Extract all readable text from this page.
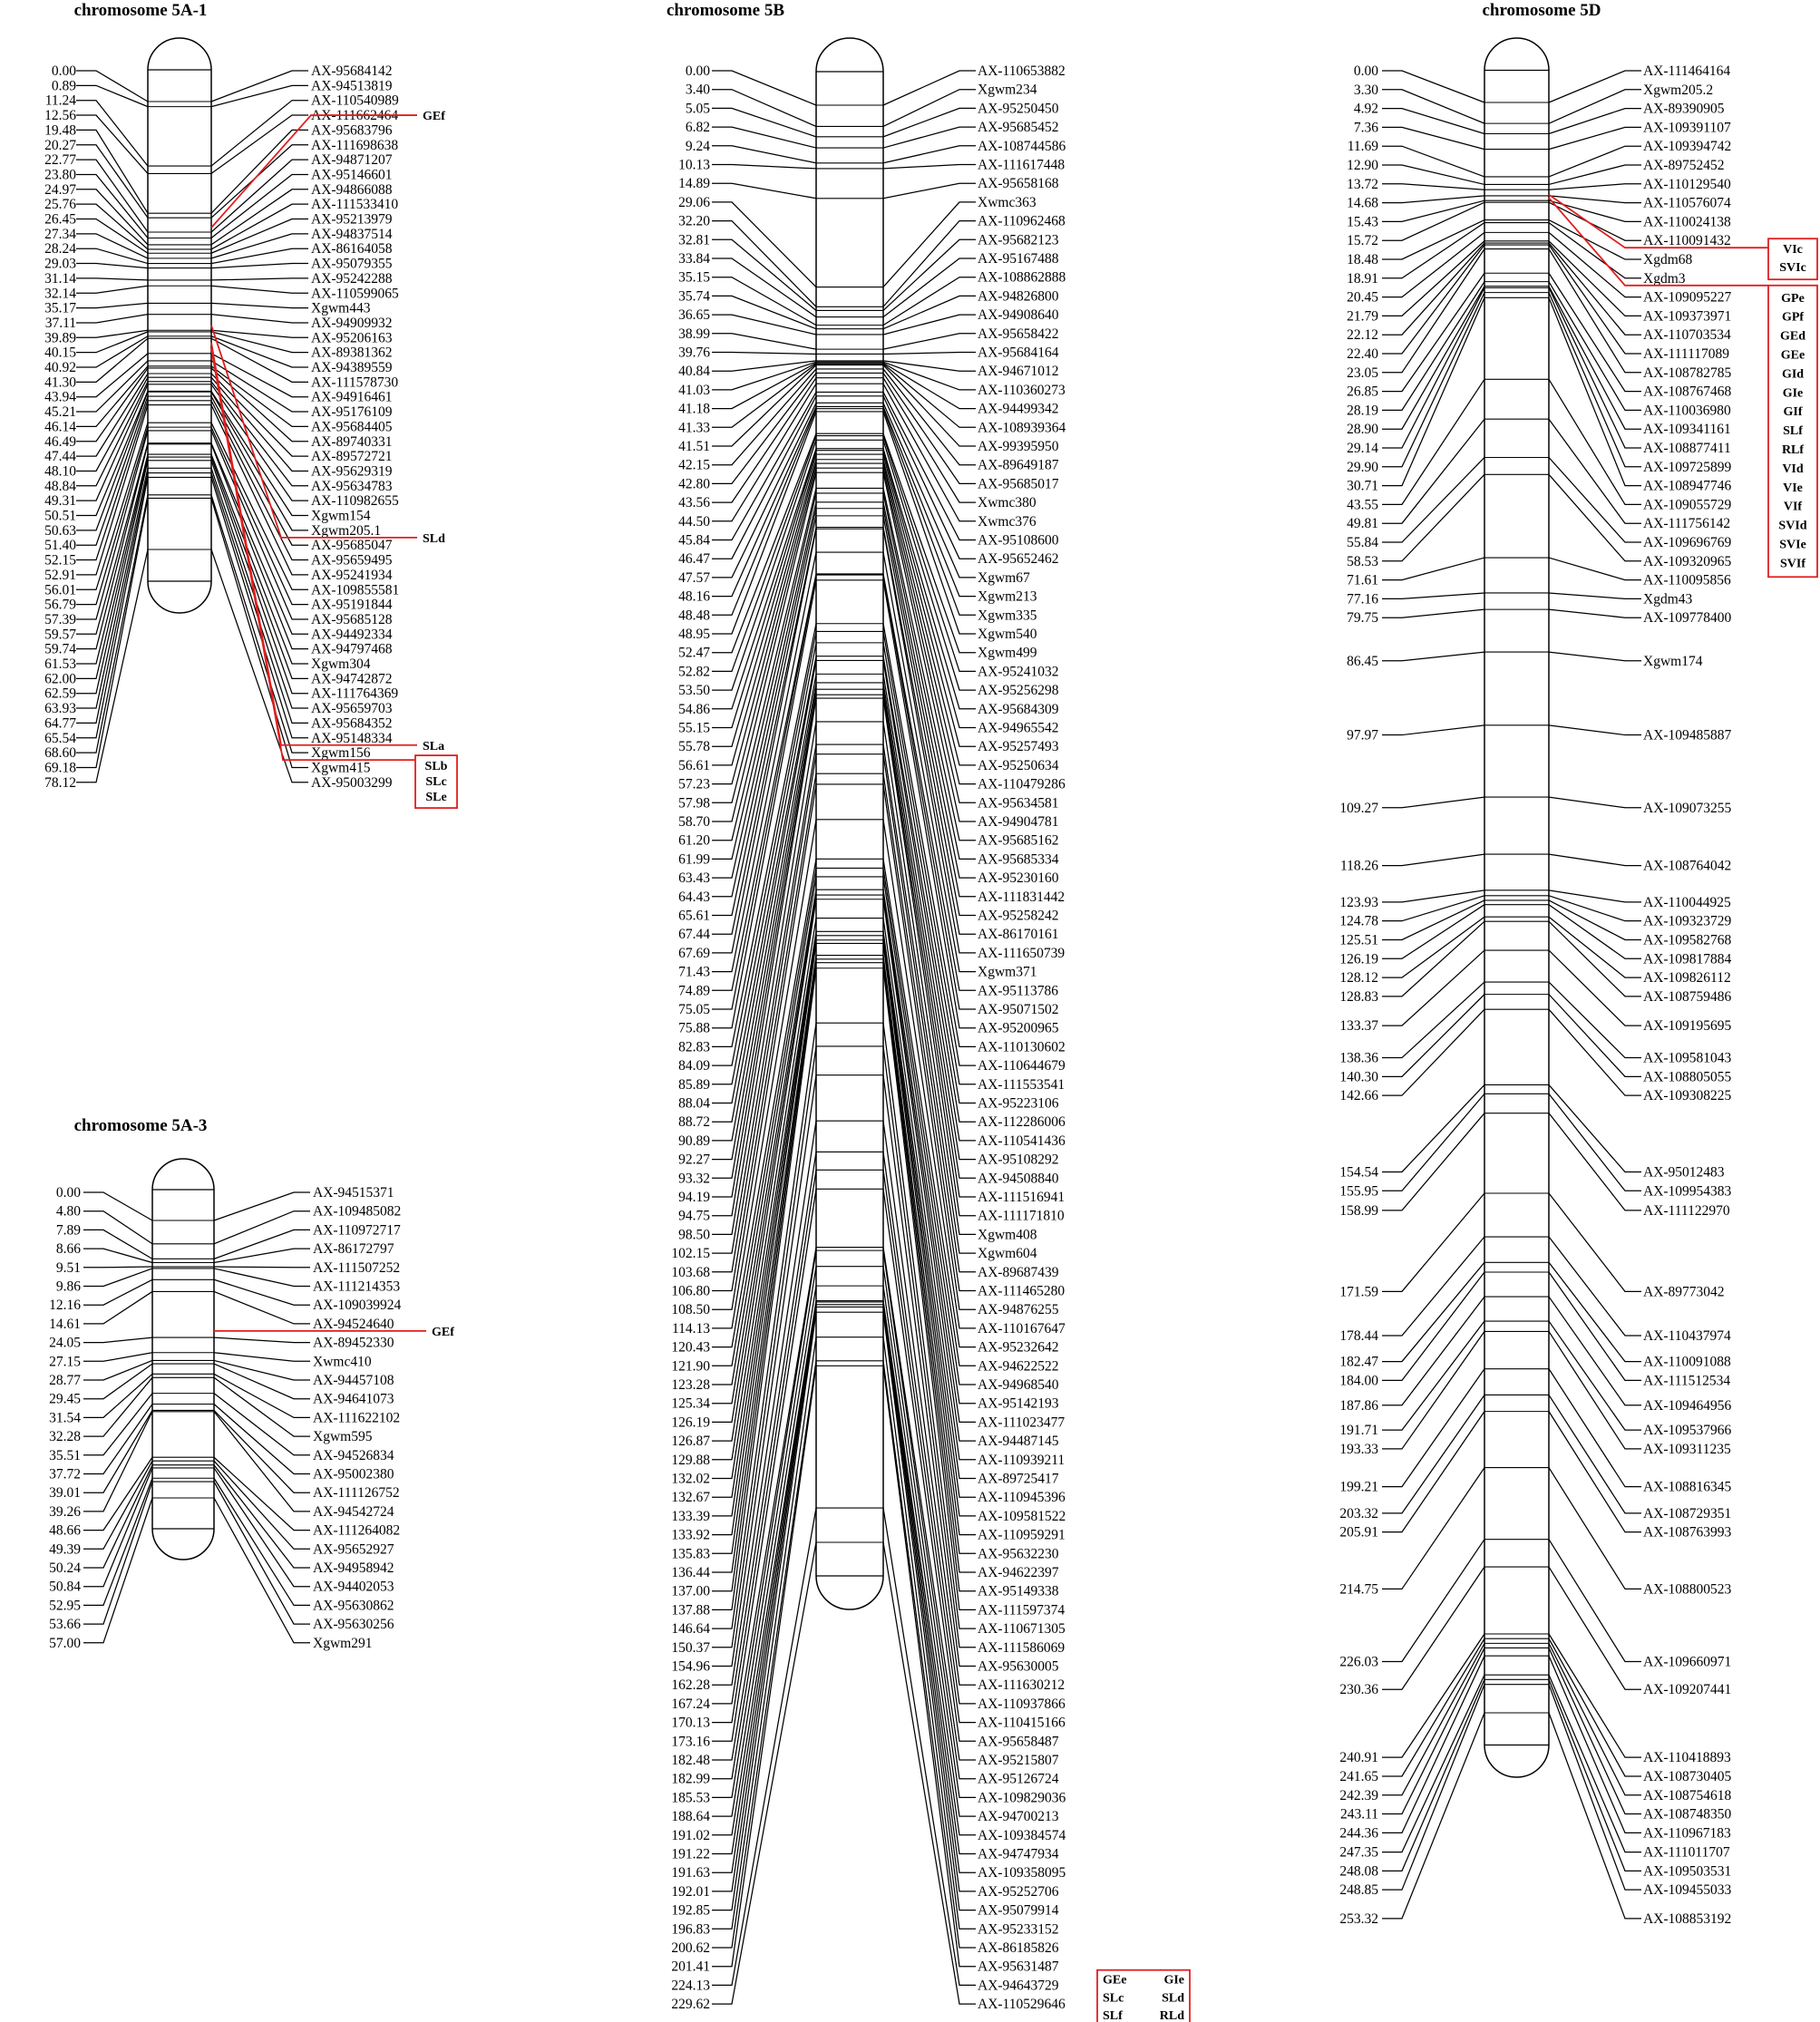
chromosome 5A-1
0.00	AX-95684142
0.89	AX-94513819
11.24	AX-110540989
12.56	AX-111662464
19.48	AX-95683796
20.27	AX-111698638
22.77	AX-94871207
23.80	AX-95146601
24.97	AX-94866088
25.76	AX-111533410
26.45	AX-95213979
27.34	AX-94837514
28.24	AX-86164058
29.03	AX-95079355
31.14	AX-95242288
32.14	AX-110599065
35.17	Xgwm443
37.11	AX-94909932
39.89	AX-95206163
40.15	AX-89381362
40.92	AX-94389559
41.30	AX-111578730
43.94	AX-94916461
45.21	AX-95176109
46.14	AX-95684405
46.49	AX-89740331
47.44	AX-89572721
48.10	AX-95629319
48.84	AX-95634783
49.31	AX-110982655
50.51	Xgwm154
50.63	Xgwm205.1
51.40	AX-95685047
52.15	AX-95659495
52.91	AX-95241934
56.01	AX-109855581
56.79	AX-95191844
57.39	AX-95685128
59.57	AX-94492334
59.74	AX-94797468
61.53	Xgwm304
62.00	AX-94742872
62.59	AX-111764369
63.93	AX-95659703
64.77	AX-95684352
65.54	AX-95148334
68.60	Xgwm156
69.18	Xgwm415
78.12	AX-95003299
GEf
SLd
SLa
SLb
SLc
SLe
chromosome 5A-3
0.00	AX-94515371
4.80	AX-109485082
7.89	AX-110972717
8.66	AX-86172797
9.51	AX-111507252
9.86	AX-111214353
12.16	AX-109039924
14.61	AX-94524640
24.05	AX-89452330
27.15	Xwmc410
28.77	AX-94457108
29.45	AX-94641073
31.54	AX-111622102
32.28	Xgwm595
35.51	AX-94526834
37.72	AX-95002380
39.01	AX-111126752
39.26	AX-94542724
48.66	AX-111264082
49.39	AX-95652927
50.24	AX-94958942
50.84	AX-94402053
52.95	AX-95630862
53.66	AX-95630256
57.00	Xgwm291
GEf
chromosome 5B
0.00	AX-110653882
3.40	Xgwm234
5.05	AX-95250450
6.82	AX-95685452
9.24	AX-108744586
10.13	AX-111617448
14.89	AX-95658168
29.06	Xwmc363
32.20	AX-110962468
32.81	AX-95682123
33.84	AX-95167488
35.15	AX-108862888
35.74	AX-94826800
36.65	AX-94908640
38.99	AX-95658422
39.76	AX-95684164
40.84	AX-94671012
41.03	AX-110360273
41.18	AX-94499342
41.33	AX-108939364
41.51	AX-99395950
42.15	AX-89649187
42.80	AX-95685017
43.56	Xwmc380
44.50	Xwmc376
45.84	AX-95108600
46.47	AX-95652462
47.57	Xgwm67
48.16	Xgwm213
48.48	Xgwm335
48.95	Xgwm540
52.47	Xgwm499
52.82	AX-95241032
53.50	AX-95256298
54.86	AX-95684309
55.15	AX-94965542
55.78	AX-95257493
56.61	AX-95250634
57.23	AX-110479286
57.98	AX-95634581
58.70	AX-94904781
61.20	AX-95685162
61.99	AX-95685334
63.43	AX-95230160
64.43	AX-111831442
65.61	AX-95258242
67.44	AX-86170161
67.69	AX-111650739
71.43	Xgwm371
74.89	AX-95113786
75.05	AX-95071502
75.88	AX-95200965
82.83	AX-110130602
84.09	AX-110644679
85.89	AX-111553541
88.04	AX-95223106
88.72	AX-112286006
90.89	AX-110541436
92.27	AX-95108292
93.32	AX-94508840
94.19	AX-111516941
94.75	AX-111171810
98.50	Xgwm408
102.15	Xgwm604
103.68	AX-89687439
106.80	AX-111465280
108.50	AX-94876255
114.13	AX-110167647
120.43	AX-95232642
121.90	AX-94622522
123.28	AX-94968540
125.34	AX-95142193
126.19	AX-111023477
126.87	AX-94487145
129.88	AX-110939211
132.02	AX-89725417
132.67	AX-110945396
133.39	AX-109581522
133.92	AX-110959291
135.83	AX-95632230
136.44	AX-94622397
137.00	AX-95149338
137.88	AX-111597374
146.64	AX-110671305
150.37	AX-111586069
154.96	AX-95630005
162.28	AX-111630212
167.24	AX-110937866
170.13	AX-110415166
173.16	AX-95658487
182.48	AX-95215807
182.99	AX-95126724
185.53	AX-109829036
188.64	AX-94700213
191.02	AX-109384574
191.22	AX-94747934
191.63	AX-109358095
192.01	AX-95252706
192.85	AX-95079914
196.83	AX-95233152
200.62	AX-86185826
201.41	AX-95631487
224.13	AX-94643729
229.62	AX-110529646
GEe	GIe
SLc	SLd
SLf	RLd
chromosome 5D
0.00	AX-111464164
3.30	Xgwm205.2
4.92	AX-89390905
7.36	AX-109391107
11.69	AX-109394742
12.90	AX-89752452
13.72	AX-110129540
14.68	AX-110576074
15.43	AX-110024138
15.72	AX-110091432
18.48	Xgdm68
18.91	Xgdm3
20.45	AX-109095227
21.79	AX-109373971
22.12	AX-110703534
22.40	AX-111117089
23.05	AX-108782785
26.85	AX-108767468
28.19	AX-110036980
28.90	AX-109341161
29.14	AX-108877411
29.90	AX-109725899
30.71	AX-108947746
43.55	AX-109055729
49.81	AX-111756142
55.84	AX-109696769
58.53	AX-109320965
71.61	AX-110095856
77.16	Xgdm43
79.75	AX-109778400
86.45	Xgwm174
97.97	AX-109485887
109.27	AX-109073255
118.26	AX-108764042
123.93	AX-110044925
124.78	AX-109323729
125.51	AX-109582768
126.19	AX-109817884
128.12	AX-109826112
128.83	AX-108759486
133.37	AX-109195695
138.36	AX-109581043
140.30	AX-108805055
142.66	AX-109308225
154.54	AX-95012483
155.95	AX-109954383
158.99	AX-111122970
171.59	AX-89773042
178.44	AX-110437974
182.47	AX-110091088
184.00	AX-111512534
187.86	AX-109464956
191.71	AX-109537966
193.33	AX-109311235
199.21	AX-108816345
203.32	AX-108729351
205.91	AX-108763993
214.75	AX-108800523
226.03	AX-109660971
230.36	AX-109207441
240.91	AX-110418893
241.65	AX-108730405
242.39	AX-108754618
243.11	AX-108748350
244.36	AX-110967183
247.35	AX-111011707
248.08	AX-109503531
248.85	AX-109455033
253.32	AX-108853192
VIc
SVIc
GPe
GPf
GEd
GEe
GId
GIe
GIf
SLf
RLf
VId
VIe
VIf
SVId
SVIe
SVIf
